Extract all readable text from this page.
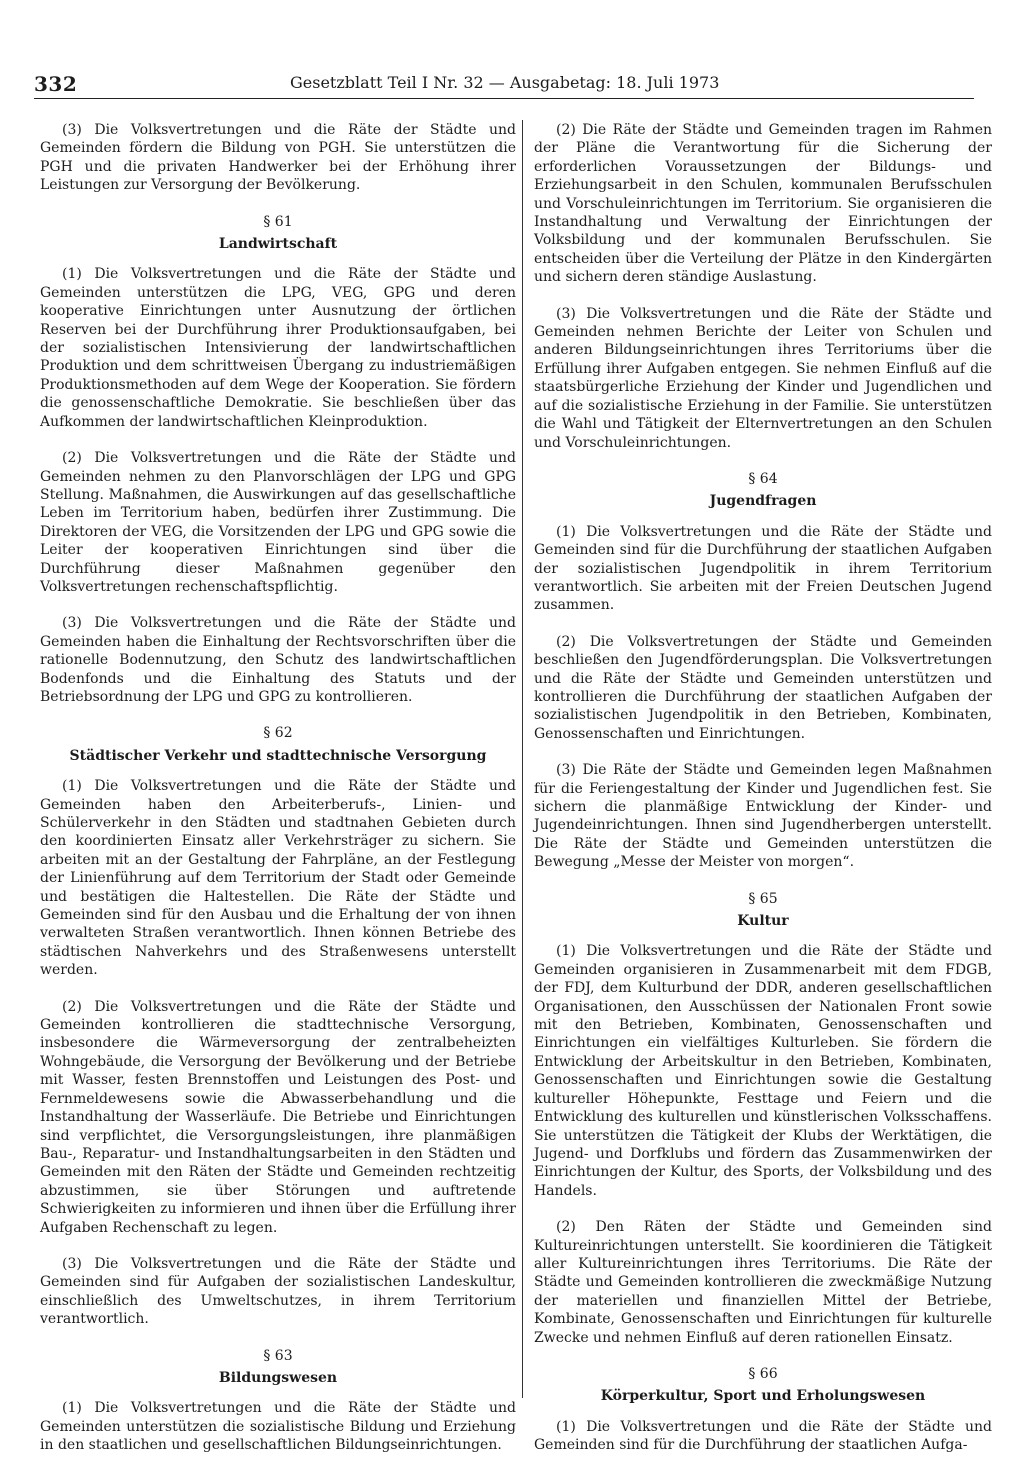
332	Gesetzblatt Teil I Nr. 32 — Ausgabetag: 18. Juli 1973

(3) Die Volksvertretungen und die Räte der Städte und Gemeinden fördern die Bildung von PGH. Sie unterstützen die PGH und die privaten Handwerker bei der Erhöhung ihrer Leistungen zur Versorgung der Bevölkerung.

§ 61
Landwirtschaft

(1) Die Volksvertretungen und die Räte der Städte und Gemeinden unterstützen die LPG, VEG, GPG und deren kooperative Einrichtungen unter Ausnutzung der örtlichen Reserven bei der Durchführung ihrer Produktionsaufgaben, bei der sozialistischen Intensivierung der landwirtschaftlichen Produktion und dem schrittweisen Übergang zu industriemäßigen Produktionsmethoden auf dem Wege der Kooperation. Sie fördern die genossenschaftliche Demokratie. Sie beschließen über das Aufkommen der landwirtschaftlichen Kleinproduktion.

(2) Die Volksvertretungen und die Räte der Städte und Gemeinden nehmen zu den Planvorschlägen der LPG und GPG Stellung. Maßnahmen, die Auswirkungen auf das gesellschaftliche Leben im Territorium haben, bedürfen ihrer Zustimmung. Die Direktoren der VEG, die Vorsitzenden der LPG und GPG sowie die Leiter der kooperativen Einrichtungen sind über die Durchführung dieser Maßnahmen gegenüber den Volksvertretungen rechenschaftspflichtig.

(3) Die Volksvertretungen und die Räte der Städte und Gemeinden haben die Einhaltung der Rechtsvorschriften über die rationelle Bodennutzung, den Schutz des landwirtschaftlichen Bodenfonds und die Einhaltung des Statuts und der Betriebsordnung der LPG und GPG zu kontrollieren.

§ 62
Städtischer Verkehr und stadttechnische Versorgung

(1) Die Volksvertretungen und die Räte der Städte und Gemeinden haben den Arbeiterberufs-, Linien- und Schülerverkehr in den Städten und stadtnahen Gebieten durch den koordinierten Einsatz aller Verkehrsträger zu sichern. Sie arbeiten mit an der Gestaltung der Fahrpläne, an der Festlegung der Linienführung auf dem Territorium der Stadt oder Gemeinde und bestätigen die Haltestellen. Die Räte der Städte und Gemeinden sind für den Ausbau und die Erhaltung der von ihnen verwalteten Straßen verantwortlich. Ihnen können Betriebe des städtischen Nahverkehrs und des Straßenwesens unterstellt werden.

(2) Die Volksvertretungen und die Räte der Städte und Gemeinden kontrollieren die stadttechnische Versorgung, insbesondere die Wärmeversorgung der zentralbeheizten Wohngebäude, die Versorgung der Bevölkerung und der Betriebe mit Wasser, festen Brennstoffen und Leistungen des Post- und Fernmeldewesens sowie die Abwasserbehandlung und die Instandhaltung der Wasserläufe. Die Betriebe und Einrichtungen sind verpflichtet, die Versorgungsleistungen, ihre planmäßigen Bau-, Reparatur- und Instandhaltungsarbeiten in den Städten und Gemeinden mit den Räten der Städte und Gemeinden rechtzeitig abzustimmen, sie über Störungen und auftretende Schwierigkeiten zu informieren und ihnen über die Erfüllung ihrer Aufgaben Rechenschaft zu legen.

(3) Die Volksvertretungen und die Räte der Städte und Gemeinden sind für Aufgaben der sozialistischen Landeskultur, einschließlich des Umweltschutzes, in ihrem Territorium verantwortlich.

§ 63
Bildungswesen

(1) Die Volksvertretungen und die Räte der Städte und Gemeinden unterstützen die sozialistische Bildung und Erziehung in den staatlichen und gesellschaftlichen Bildungseinrichtungen.

(2) Die Räte der Städte und Gemeinden tragen im Rahmen der Pläne die Verantwortung für die Sicherung der erforderlichen Voraussetzungen der Bildungs- und Erziehungsarbeit in den Schulen, kommunalen Berufsschulen und Vorschuleinrichtungen im Territorium. Sie organisieren die Instandhaltung und Verwaltung der Einrichtungen der Volksbildung und der kommunalen Berufsschulen. Sie entscheiden über die Verteilung der Plätze in den Kindergärten und sichern deren ständige Auslastung.

(3) Die Volksvertretungen und die Räte der Städte und Gemeinden nehmen Berichte der Leiter von Schulen und anderen Bildungseinrichtungen ihres Territoriums über die Erfüllung ihrer Aufgaben entgegen. Sie nehmen Einfluß auf die staatsbürgerliche Erziehung der Kinder und Jugendlichen und auf die sozialistische Erziehung in der Familie. Sie unterstützen die Wahl und Tätigkeit der Elternvertretungen an den Schulen und Vorschuleinrichtungen.

§ 64
Jugendfragen

(1) Die Volksvertretungen und die Räte der Städte und Gemeinden sind für die Durchführung der staatlichen Aufgaben der sozialistischen Jugendpolitik in ihrem Territorium verantwortlich. Sie arbeiten mit der Freien Deutschen Jugend zusammen.

(2) Die Volksvertretungen der Städte und Gemeinden beschließen den Jugendförderungsplan. Die Volksvertretungen und die Räte der Städte und Gemeinden unterstützen und kontrollieren die Durchführung der staatlichen Aufgaben der sozialistischen Jugendpolitik in den Betrieben, Kombinaten, Genossenschaften und Einrichtungen.

(3) Die Räte der Städte und Gemeinden legen Maßnahmen für die Feriengestaltung der Kinder und Jugendlichen fest. Sie sichern die planmäßige Entwicklung der Kinder- und Jugendeinrichtungen. Ihnen sind Jugendherbergen unterstellt. Die Räte der Städte und Gemeinden unterstützen die Bewegung „Messe der Meister von morgen“.

§ 65
Kultur

(1) Die Volksvertretungen und die Räte der Städte und Gemeinden organisieren in Zusammenarbeit mit dem FDGB, der FDJ, dem Kulturbund der DDR, anderen gesellschaftlichen Organisationen, den Ausschüssen der Nationalen Front sowie mit den Betrieben, Kombinaten, Genossenschaften und Einrichtungen ein vielfältiges Kulturleben. Sie fördern die Entwicklung der Arbeitskultur in den Betrieben, Kombinaten, Genossenschaften und Einrichtungen sowie die Gestaltung kultureller Höhepunkte, Festtage und Feiern und die Entwicklung des kulturellen und künstlerischen Volksschaffens. Sie unterstützen die Tätigkeit der Klubs der Werktätigen, die Jugend- und Dorfklubs und fördern das Zusammenwirken der Einrichtungen der Kultur, des Sports, der Volksbildung und des Handels.

(2) Den Räten der Städte und Gemeinden sind Kultureinrichtungen unterstellt. Sie koordinieren die Tätigkeit aller Kultureinrichtungen ihres Territoriums. Die Räte der Städte und Gemeinden kontrollieren die zweckmäßige Nutzung der materiellen und finanziellen Mittel der Betriebe, Kombinate, Genossenschaften und Einrichtungen für kulturelle Zwecke und nehmen Einfluß auf deren rationellen Einsatz.

§ 66
Körperkultur, Sport und Erholungswesen

(1) Die Volksvertretungen und die Räte der Städte und Gemeinden sind für die Durchführung der staatlichen Aufga-
